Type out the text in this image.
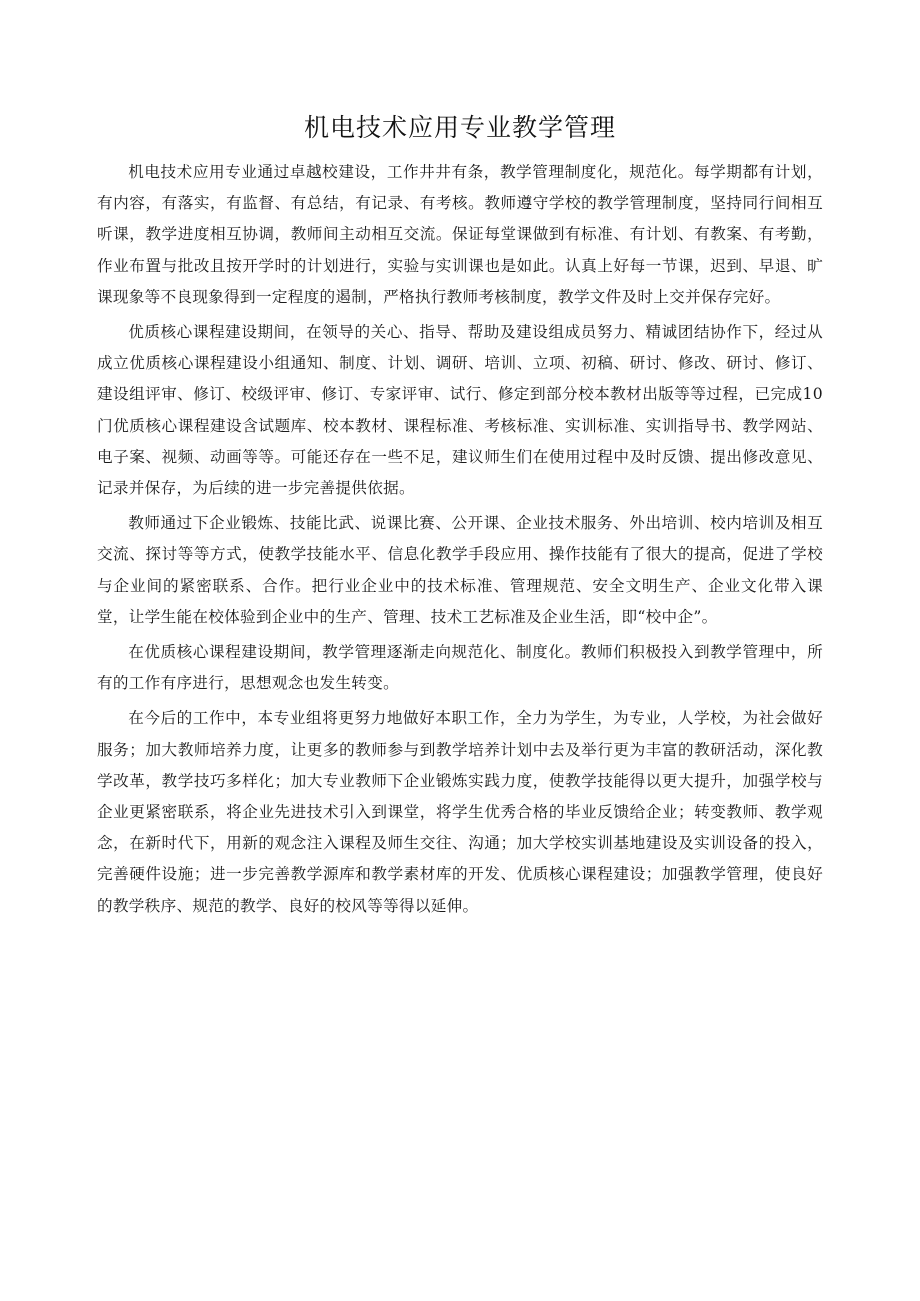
机电技术应用专业教学管理

机电技术应用专业通过卓越校建设，工作井井有条，教学管理制度化，规范化。每学期都有计划，有内容，有落实，有监督、有总结，有记录、有考核。教师遵守学校的教学管理制度，坚持同行间相互听课，教学进度相互协调，教师间主动相互交流。保证每堂课做到有标准、有计划、有教案、有考勤，作业布置与批改且按开学时的计划进行，实验与实训课也是如此。认真上好每一节课，迟到、早退、旷课现象等不良现象得到一定程度的遏制，严格执行教师考核制度，教学文件及时上交并保存完好。

优质核心课程建设期间，在领导的关心、指导、帮助及建设组成员努力、精诚团结协作下，经过从成立优质核心课程建设小组通知、制度、计划、调研、培训、立项、初稿、研讨、修改、研讨、修订、建设组评审、修订、校级评审、修订、专家评审、试行、修定到部分校本教材出版等等过程，已完成10门优质核心课程建设含试题库、校本教材、课程标准、考核标准、实训标准、实训指导书、教学网站、电子案、视频、动画等等。可能还存在一些不足，建议师生们在使用过程中及时反馈、提出修改意见、记录并保存，为后续的进一步完善提供依据。

教师通过下企业锻炼、技能比武、说课比赛、公开课、企业技术服务、外出培训、校内培训及相互交流、探讨等等方式，使教学技能水平、信息化教学手段应用、操作技能有了很大的提高，促进了学校与企业间的紧密联系、合作。把行业企业中的技术标准、管理规范、安全文明生产、企业文化带入课堂，让学生能在校体验到企业中的生产、管理、技术工艺标准及企业生活，即“校中企”。

在优质核心课程建设期间，教学管理逐渐走向规范化、制度化。教师们积极投入到教学管理中，所有的工作有序进行，思想观念也发生转变。

在今后的工作中，本专业组将更努力地做好本职工作，全力为学生，为专业，人学校，为社会做好服务；加大教师培养力度，让更多的教师参与到教学培养计划中去及举行更为丰富的教研活动，深化教学改革，教学技巧多样化；加大专业教师下企业锻炼实践力度，使教学技能得以更大提升，加强学校与企业更紧密联系，将企业先进技术引入到课堂，将学生优秀合格的毕业反馈给企业；转变教师、教学观念，在新时代下，用新的观念注入课程及师生交往、沟通；加大学校实训基地建设及实训设备的投入，完善硬件设施；进一步完善教学源库和教学素材库的开发、优质核心课程建设；加强教学管理，使良好的教学秩序、规范的教学、良好的校风等等得以延伸。
